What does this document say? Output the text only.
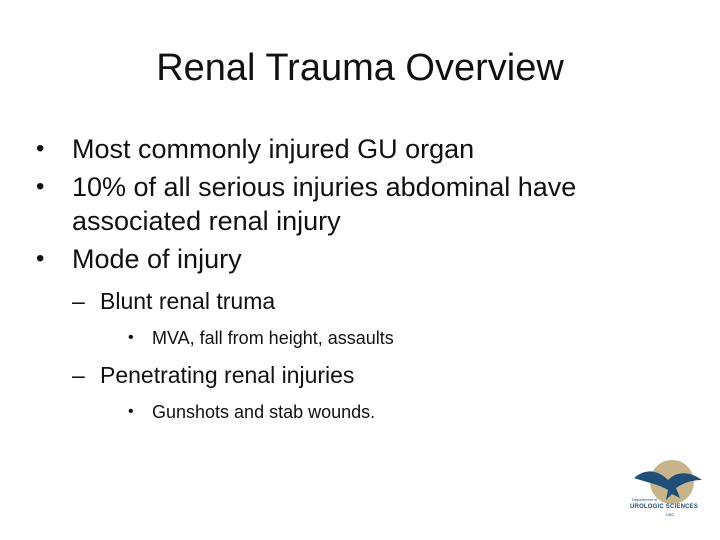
Renal Trauma Overview
•	Most commonly injured GU organ
•	10% of all serious injuries abdominal have associated renal injury
•	Mode of injury
– Blunt renal truma
• MVA, fall from height, assaults
– Penetrating renal injuries
• Gunshots and stab wounds.
Department of
UROLOGIC SCIENCES
UBC
